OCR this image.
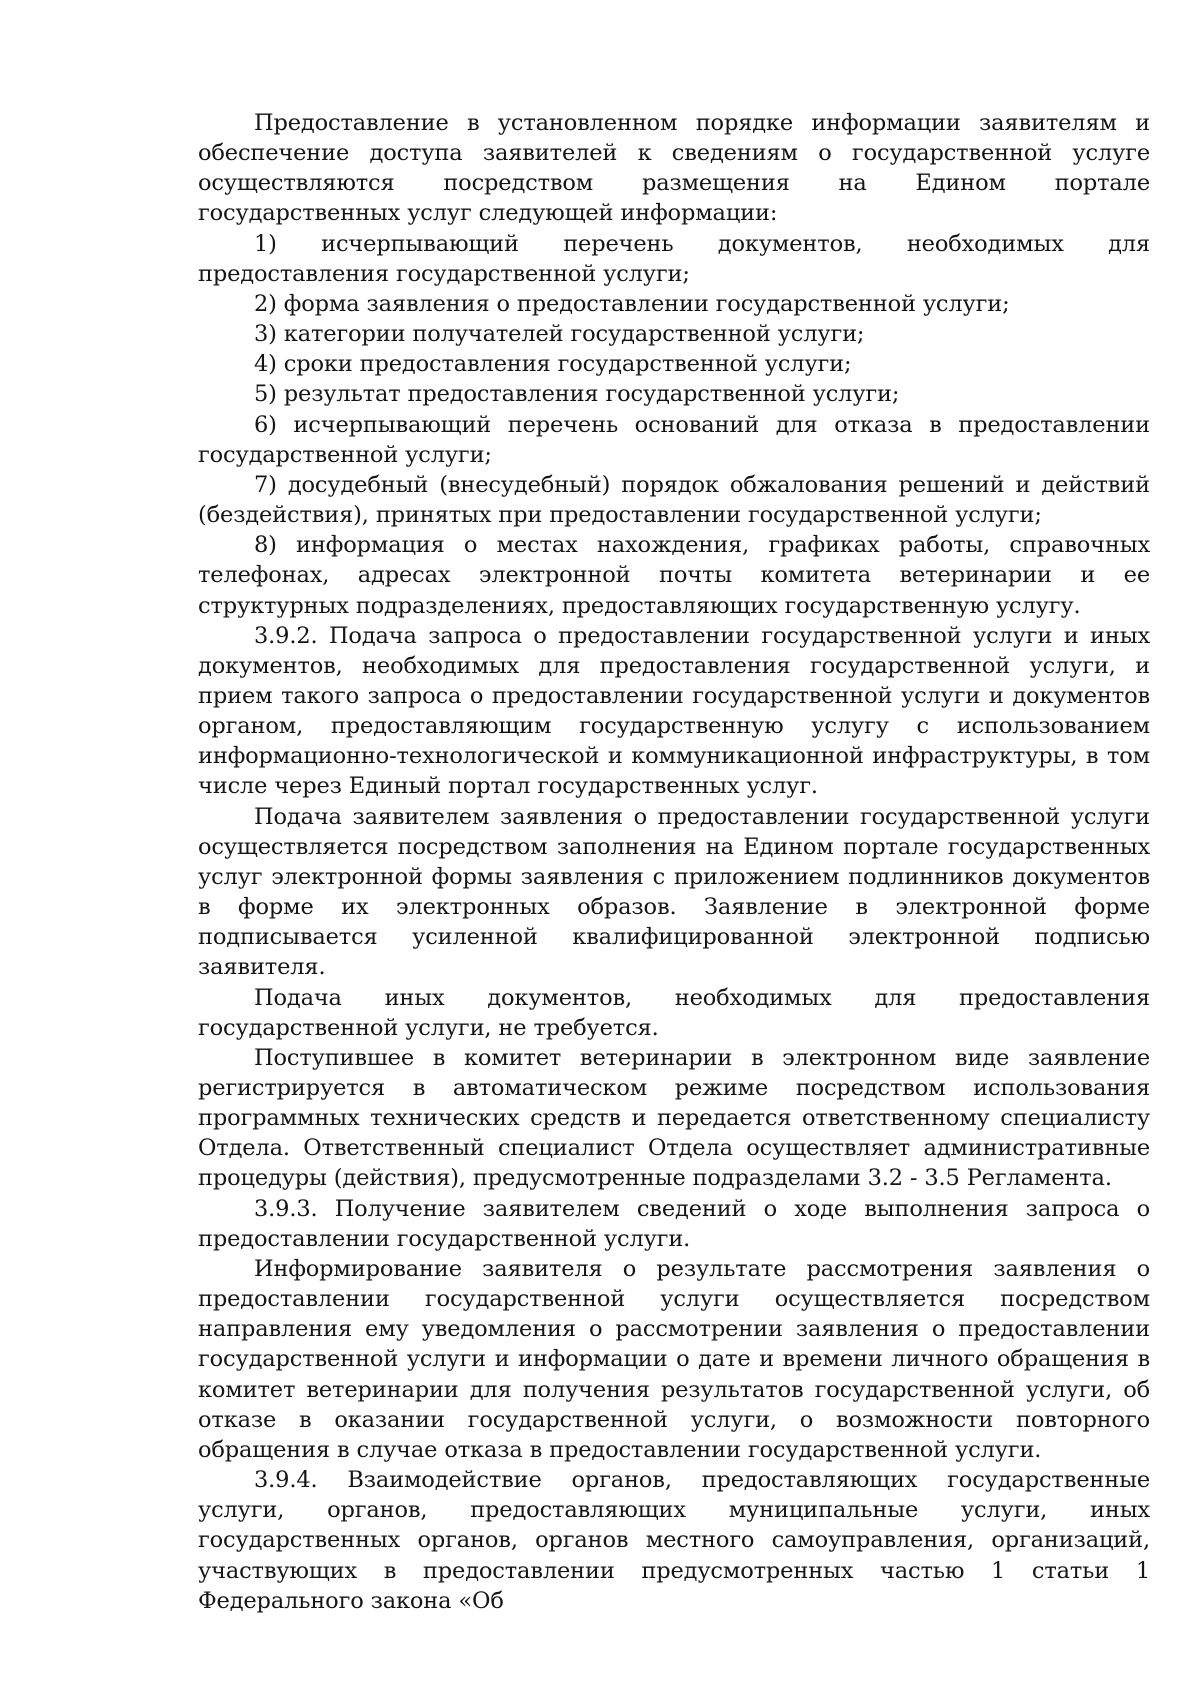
Предоставление в установленном порядке информации заявителям и обеспечение доступа заявителей к сведениям о государственной услуге осуществляются посредством размещения на Едином портале государственных услуг следующей информации:

1) исчерпывающий перечень документов, необходимых для предоставления государственной услуги;

2) форма заявления о предоставлении государственной услуги;

3) категории получателей государственной услуги;

4) сроки предоставления государственной услуги;

5) результат предоставления государственной услуги;

6) исчерпывающий перечень оснований для отказа в предоставлении государственной услуги;

7) досудебный (внесудебный) порядок обжалования решений и действий (бездействия), принятых при предоставлении государственной услуги;

8) информация о местах нахождения, графиках работы, справочных телефонах, адресах электронной почты комитета ветеринарии и ее структурных подразделениях, предоставляющих государственную услугу.

3.9.2. Подача запроса о предоставлении государственной услуги и иных документов, необходимых для предоставления государственной услуги, и прием такого запроса о предоставлении государственной услуги и документов органом, предоставляющим государственную услугу с использованием информационно-технологической и коммуникационной инфраструктуры, в том числе через Единый портал государственных услуг.

Подача заявителем заявления о предоставлении государственной услуги осуществляется посредством заполнения на Едином портале государственных услуг электронной формы заявления с приложением подлинников документов в форме их электронных образов. Заявление в электронной форме подписывается усиленной квалифицированной электронной подписью заявителя.

Подача иных документов, необходимых для предоставления государственной услуги, не требуется.

Поступившее в комитет ветеринарии в электронном виде заявление регистрируется в автоматическом режиме посредством использования программных технических средств и передается ответственному специалисту Отдела. Ответственный специалист Отдела осуществляет административные процедуры (действия), предусмотренные подразделами 3.2 - 3.5 Регламента.

3.9.3. Получение заявителем сведений о ходе выполнения запроса о предоставлении государственной услуги.

Информирование заявителя о результате рассмотрения заявления о предоставлении государственной услуги осуществляется посредством направления ему уведомления о рассмотрении заявления о предоставлении государственной услуги и информации о дате и времени личного обращения в комитет ветеринарии для получения результатов государственной услуги, об отказе в оказании государственной услуги, о возможности повторного обращения в случае отказа в предоставлении государственной услуги.

3.9.4. Взаимодействие органов, предоставляющих государственные услуги, органов, предоставляющих муниципальные услуги, иных государственных органов, органов местного самоуправления, организаций, участвующих в предоставлении предусмотренных частью 1 статьи 1 Федерального закона «Об
